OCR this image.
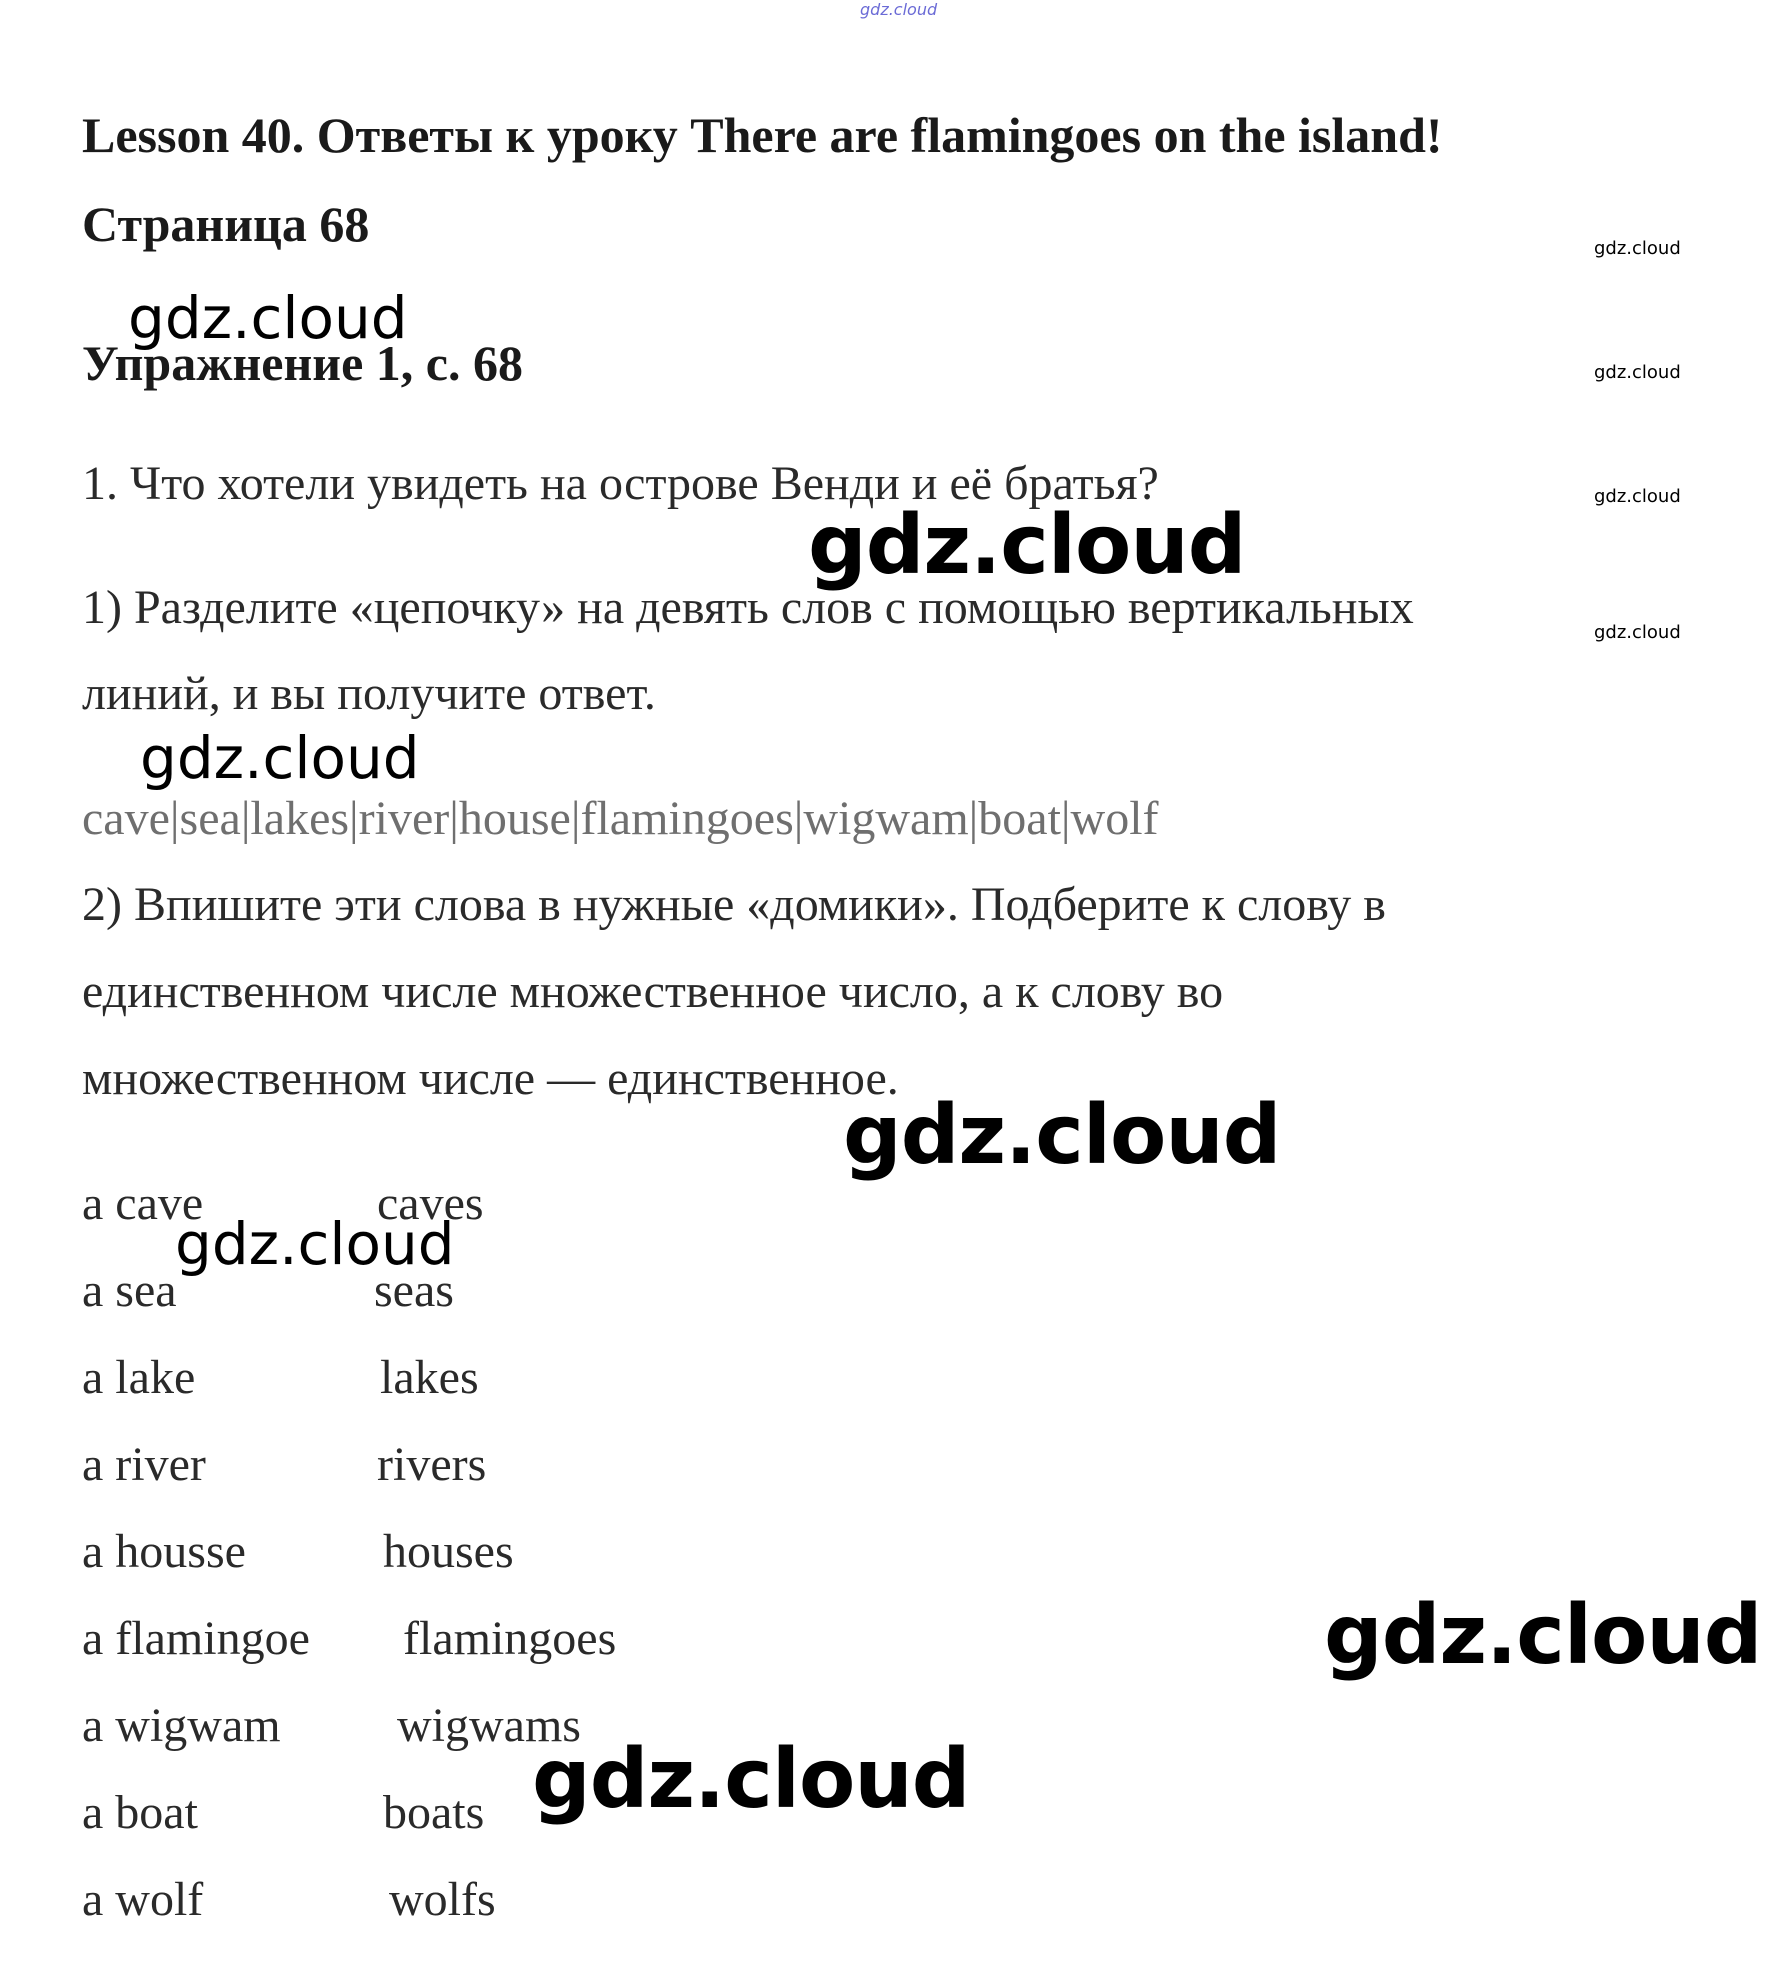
gdz.cloud
Lesson 40. Ответы к уроку There are flamingoes on the island!
Страница 68
Упражнение 1, с. 68
1. Что хотели увидеть на острове Венди и её братья?
1) Разделите «цепочку» на девять слов с помощью вертикальных
линий, и вы получите ответ.
cave|sea|lakes|river|house|flamingoes|wigwam|boat|wolf
2) Впишите эти слова в нужные «домики». Подберите к слову в
единственном числе множественное число, а к слову во
множественном числе — единственное.
a cave	caves
a sea	seas
a lake	lakes
a river	rivers
a housse	houses
a flamingoe flamingoes
a wigwam wigwams
a boat	boats
a wolf	wolfs
gdz.cloud
gdz.cloud
gdz.cloud
gdz.cloud
gdz.cloud
gdz.cloud
gdz.cloud
gdz.cloud
gdz.cloud
gdz.cloud
gdz.cloud
